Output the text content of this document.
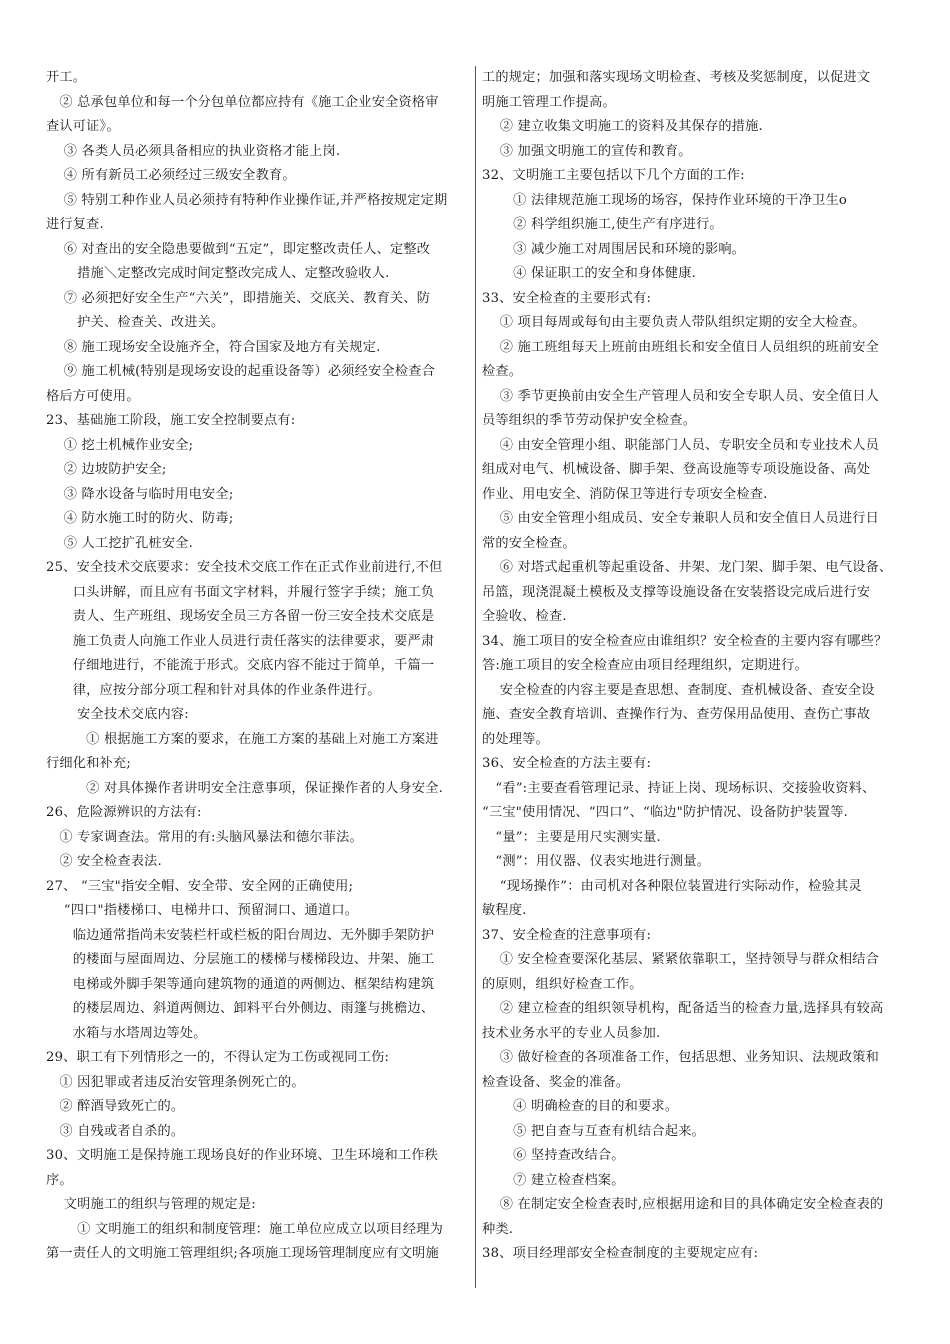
开工。
　② 总承包单位和每一个分包单位都应持有《施工企业安全资格审
查认可证》。
　 ③ 各类人员必须具备相应的执业资格才能上岗.
　 ④ 所有新员工必须经过三级安全教育。
　 ⑤ 特别工种作业人员必须持有特种作业操作证,并严格按规定定期
进行复查.
　 ⑥ 对查出的安全隐患要做到“五定”，即定整改责任人、定整改
　　 措施＼定整改完成时间定整改完成人、定整改验收人.
　 ⑦ 必须把好安全生产“六关”，即措施关、交底关、教育关、防
　　 护关、检查关、改进关。
　 ⑧ 施工现场安全设施齐全，符合国家及地方有关规定.
　 ⑨ 施工机械(特别是现场安设的起重设备等）必须经安全检查合
格后方可使用。
23、基础施工阶段，施工安全控制要点有:
　 ① 挖土机械作业安全;
　 ② 边坡防护安全;
　 ③ 降水设备与临时用电安全;
　 ④ 防水施工时的防火、防毒;
　 ⑤ 人工挖扩孔桩安全.
25、安全技术交底要求：安全技术交底工作在正式作业前进行,不但
　　口头讲解，而且应有书面文字材料，并履行签字手续；施工负
　　责人、生产班组、现场安全员三方各留一份三安全技术交底是
　　施工负责人向施工作业人员进行责任落实的法律要求，要严肃
　　仔细地进行，不能流于形式。交底内容不能过于简单，千篇一
　　律，应按分部分项工程和针对具体的作业条件进行。
　　 安全技术交底内容:
　　　① 根据施工方案的要求，在施工方案的基础上对施工方案进
行细化和补充;
　　　② 对具体操作者讲明安全注意事项，保证操作者的人身安全.
26、危险源辨识的方法有:
　① 专家调查法。常用的有:头脑风暴法和德尔菲法。
　② 安全检查表法.
27、 “三宝"指安全帽、安全带、安全网的正确使用;
　 “四口"指楼梯口、电梯井口、预留洞口、通道口。
　　临边通常指尚未安装栏杆或栏板的阳台周边、无外脚手架防护
　　的楼面与屋面周边、分层施工的楼梯与楼梯段边、井架、施工
　　电梯或外脚手架等通向建筑物的通道的两侧边、框架结构建筑
　　的楼层周边、斜道两侧边、卸料平台外侧边、雨篷与挑檐边、
　　水箱与水塔周边等处。
29、职工有下列情形之一的，不得认定为工伤或视同工伤:
　① 因犯罪或者违反治安管理条例死亡的。
　② 醉酒导致死亡的。
　③ 自残或者自杀的。
30、文明施工是保持施工现场良好的作业环境、卫生环境和工作秩
序。
　 文明施工的组织与管理的规定是:
　　 ① 文明施工的组织和制度管理：施工单位应成立以项目经理为
第一责任人的文明施工管理组织;各项施工现场管理制度应有文明施
工的规定；加强和落实现场文明检查、考核及奖惩制度，以促进文
明施工管理工作提高。
　 ② 建立收集文明施工的资料及其保存的措施.
　 ③ 加强文明施工的宣传和教育。
32、文明施工主要包括以下几个方面的工作:
　　 ① 法律规范施工现场的场容，保持作业环境的干净卫生o
　　 ② 科学组织施工,使生产有序进行。
　　 ③ 减少施工对周围居民和环境的影响。
　　 ④ 保证职工的安全和身体健康.
33、安全检查的主要形式有:
　 ① 项目每周或每旬由主要负责人带队组织定期的安全大检查。
　 ② 施工班组每天上班前由班组长和安全值日人员组织的班前安全
检查。
　 ③ 季节更换前由安全生产管理人员和安全专职人员、安全值日人
员等组织的季节劳动保护安全检查。
　 ④ 由安全管理小组、职能部门人员、专职安全员和专业技术人员
组成对电气、机械设备、脚手架、登高设施等专项设施设备、高处
作业、用电安全、消防保卫等进行专项安全检查.
　 ⑤ 由安全管理小组成员、安全专兼职人员和安全值日人员进行日
常的安全检查。
　 ⑥ 对塔式起重机等起重设备、井架、龙门架、脚手架、电气设备、
吊篮，现浇混凝土模板及支撑等设施设备在安装搭设完成后进行安
全验收、检查.
34、施工项目的安全检查应由谁组织？安全检查的主要内容有哪些？
答:施工项目的安全检查应由项目经理组织，定期进行。
　 安全检查的内容主要是查思想、查制度、查机械设备、查安全设
施、查安全教育培训、查操作行为、查劳保用品使用、查伤亡事故
的处理等。
36、安全检查的方法主要有:
　“看”:主要查看管理记录、持证上岗、现场标识、交接验收资料、
“三宝"使用情况、“四口”、“临边"防护情况、设备防护装置等.
　“量”：主要是用尺实测实量.
　“测”：用仪器、仪表实地进行测量。
　 “现场操作”：由司机对各种限位装置进行实际动作，检验其灵
敏程度.
37、安全检查的注意事项有:
　 ① 安全检查要深化基层、紧紧依靠职工，坚持领导与群众相结合
的原则，组织好检查工作。
　 ② 建立检查的组织领导机构，配备适当的检查力量,选择具有较高
技术业务水平的专业人员参加.
　 ③ 做好检查的各项准备工作，包括思想、业务知识、法规政策和
检查设备、奖金的准备。
　　 ④ 明确检查的目的和要求。
　　 ⑤ 把自查与互查有机结合起来。
　　 ⑥ 坚持查改结合。
　　 ⑦ 建立检查档案。
　 ⑧ 在制定安全检查表时,应根据用途和目的具体确定安全检查表的
种类.
38、项目经理部安全检查制度的主要规定应有:
